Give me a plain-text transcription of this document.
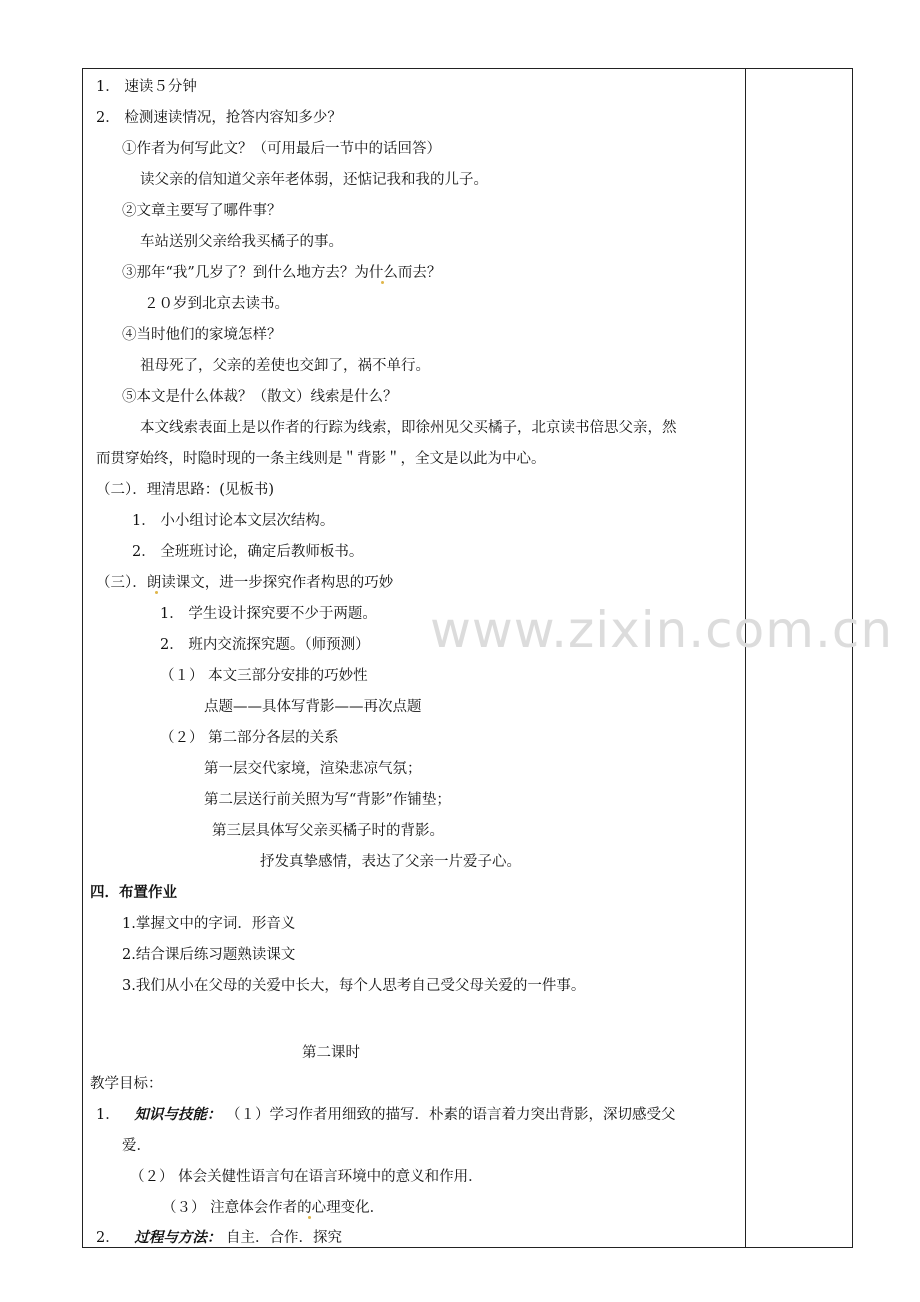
www.zixin.com.cn
1． 速读５分钟
2． 检测速读情况，抢答内容知多少？
①作者为何写此文？（可用最后一节中的话回答）
读父亲的信知道父亲年老体弱，还惦记我和我的儿子。
②文章主要写了哪件事？
车站送别父亲给我买橘子的事。
③那年“我”几岁了？到什么地方去？为什么而去？
２０岁到北京去读书。
④当时他们的家境怎样？
祖母死了，父亲的差使也交卸了，祸不单行。
⑤本文是什么体裁？（散文）线索是什么？
本文线索表面上是以作者的行踪为线索，即徐州见父买橘子，北京读书倍思父亲，然
而贯穿始终，时隐时现的一条主线则是＂背影＂，全文是以此为中心。
（二）．理清思路：(见板书)
1． 小小组讨论本文层次结构。
2． 全班班讨论，确定后教师板书。
（三）．朗读课文，进一步探究作者构思的巧妙
1． 学生设计探究要不少于两题。
2． 班内交流探究题。（师预测）
（１） 本文三部分安排的巧妙性
点题——具体写背影——再次点题
（２） 第二部分各层的关系
第一层交代家境，渲染悲凉气氛；
第二层送行前关照为写“背影”作铺垫；
第三层具体写父亲买橘子时的背影。
抒发真挚感情，表达了父亲一片爱子心。
四．布置作业
1.掌握文中的字词．形音义
2.结合课后练习题熟读课文
3.我们从小在父母的关爱中长大，每个人思考自己受父母关爱的一件事。
第二课时
教学目标：
1． 知识与技能： （１）学习作者用细致的描写．朴素的语言着力突出背影，深切感受父
爱．
（２） 体会关健性语言句在语言环境中的意义和作用．
（３） 注意体会作者的心理变化．
2． 过程与方法： 自主．合作．探究
